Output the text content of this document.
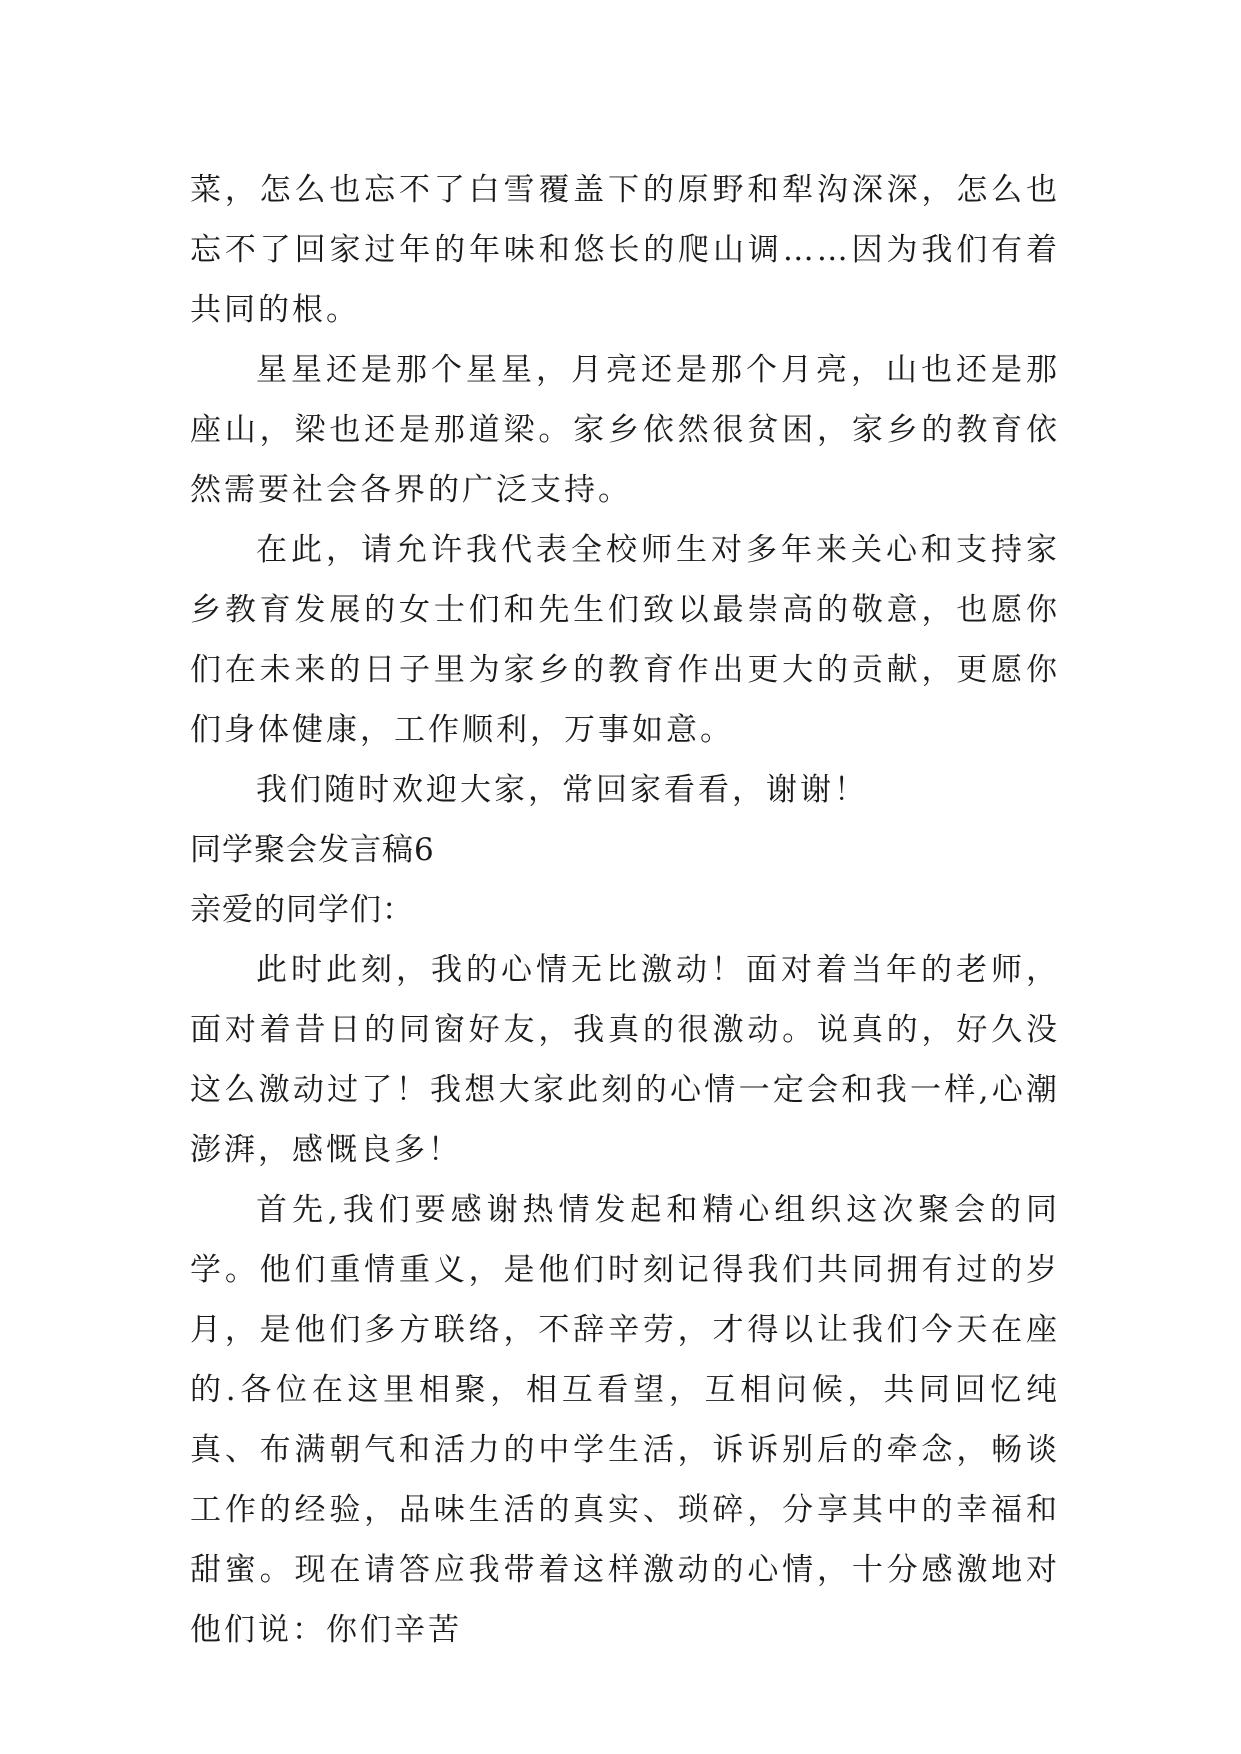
菜，怎么也忘不了白雪覆盖下的原野和犁沟深深，怎么也忘不了回家过年的年味和悠长的爬山调……因为我们有着共同的根。

星星还是那个星星，月亮还是那个月亮，山也还是那座山，梁也还是那道梁。家乡依然很贫困，家乡的教育依然需要社会各界的广泛支持。

在此，请允许我代表全校师生对多年来关心和支持家乡教育发展的女士们和先生们致以最崇高的敬意，也愿你们在未来的日子里为家乡的教育作出更大的贡献，更愿你们身体健康，工作顺利，万事如意。

我们随时欢迎大家，常回家看看，谢谢！

同学聚会发言稿6

亲爱的同学们：

此时此刻，我的心情无比激动！面对着当年的老师，面对着昔日的同窗好友，我真的很激动。说真的，好久没这么激动过了！我想大家此刻的心情一定会和我一样,心潮澎湃，感慨良多！

首先,我们要感谢热情发起和精心组织这次聚会的同学。他们重情重义，是他们时刻记得我们共同拥有过的岁月，是他们多方联络，不辞辛劳，才得以让我们今天在座的.各位在这里相聚，相互看望，互相问候，共同回忆纯真、布满朝气和活力的中学生活，诉诉别后的牵念，畅谈工作的经验，品味生活的真实、琐碎，分享其中的幸福和甜蜜。现在请答应我带着这样激动的心情，十分感激地对他们说：你们辛苦
